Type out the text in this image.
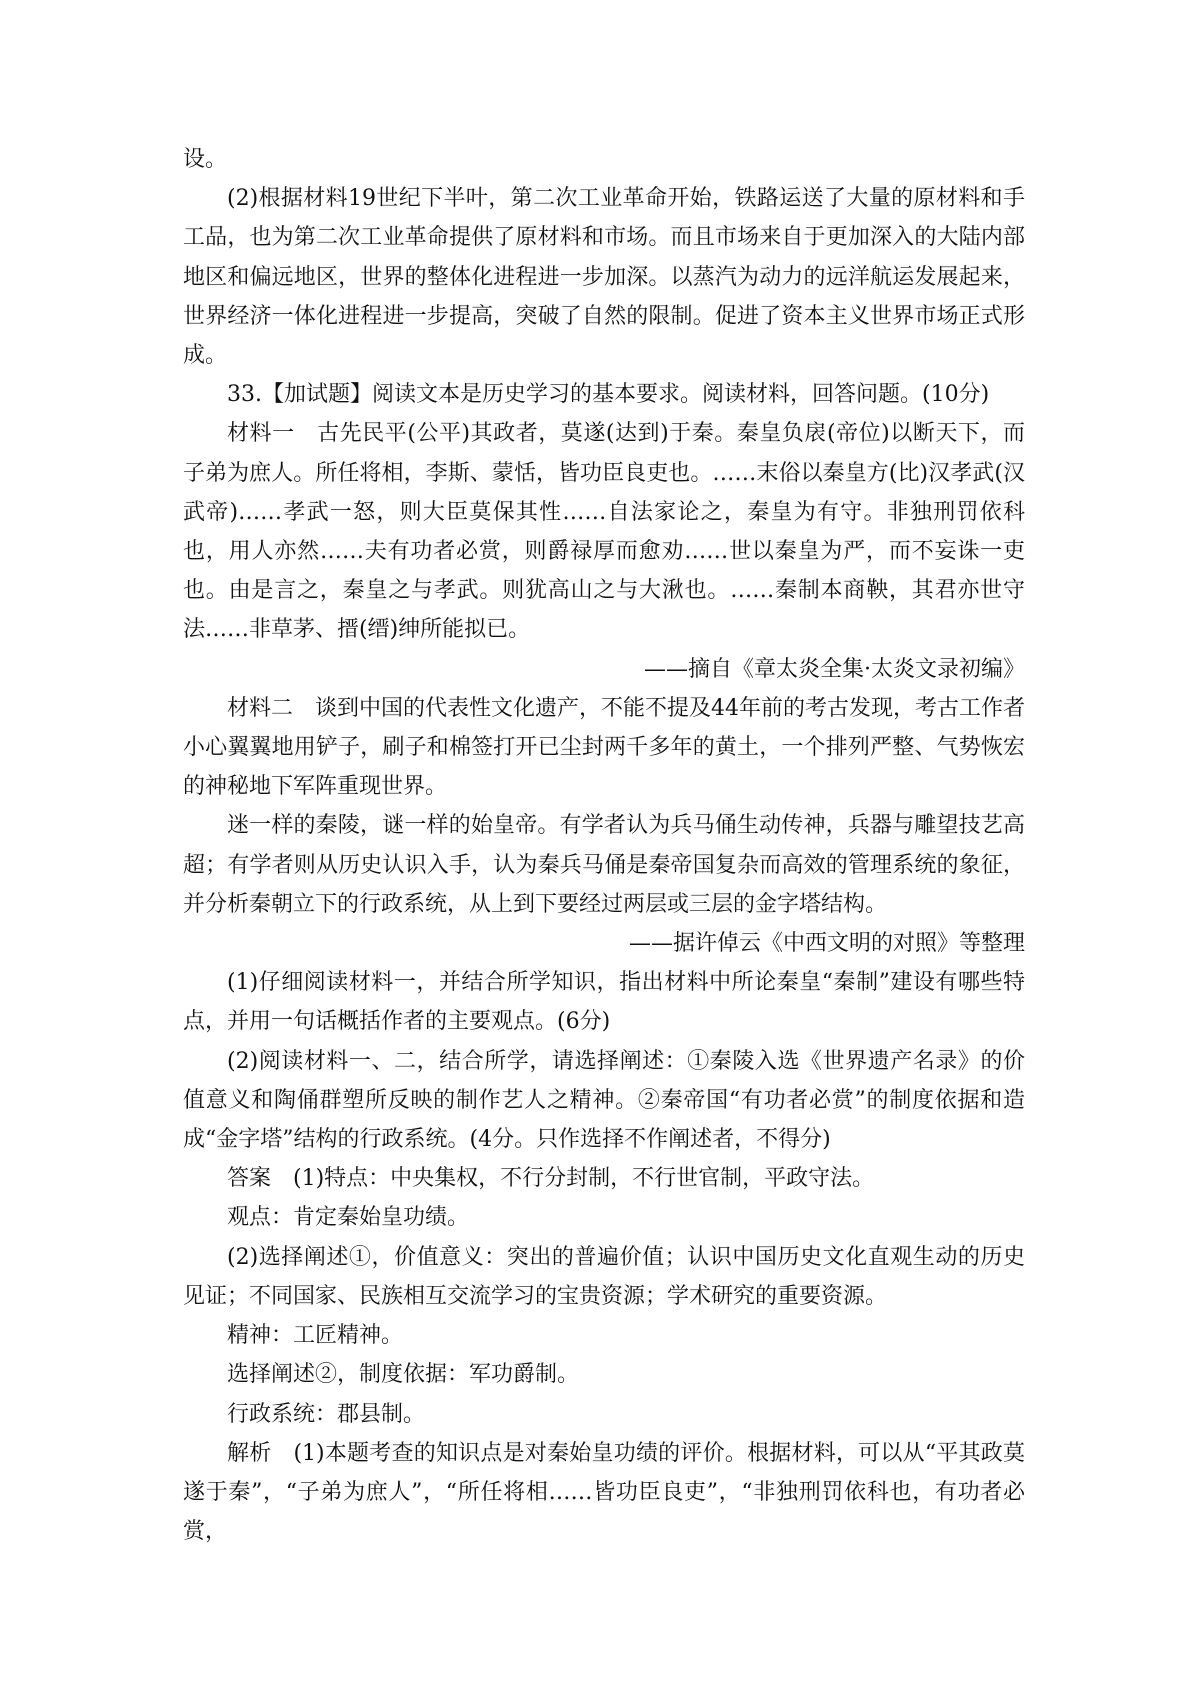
设。

(2)根据材料19世纪下半叶，第二次工业革命开始，铁路运送了大量的原材料和手工品，也为第二次工业革命提供了原材料和市场。而且市场来自于更加深入的大陆内部地区和偏远地区，世界的整体化进程进一步加深。以蒸汽为动力的远洋航运发展起来，世界经济一体化进程进一步提高，突破了自然的限制。促进了资本主义世界市场正式形成。

33.【加试题】阅读文本是历史学习的基本要求。阅读材料，回答问题。(10分)

材料一 古先民平(公平)其政者，莫遂(达到)于秦。秦皇负扆(帝位)以断天下，而子弟为庶人。所任将相，李斯、蒙恬，皆功臣良吏也。……末俗以秦皇方(比)汉孝武(汉武帝)……孝武一怒，则大臣莫保其性……自法家论之，秦皇为有守。非独刑罚依科也，用人亦然……夫有功者必赏，则爵禄厚而愈劝……世以秦皇为严，而不妄诛一吏也。由是言之，秦皇之与孝武。则犹高山之与大湫也。……秦制本商鞅，其君亦世守法……非草茅、搢(缙)绅所能拟已。

——摘自《章太炎全集·太炎文录初编》

材料二 谈到中国的代表性文化遗产，不能不提及44年前的考古发现，考古工作者小心翼翼地用铲子，刷子和棉签打开已尘封两千多年的黄土，一个排列严整、气势恢宏的神秘地下军阵重现世界。

迷一样的秦陵，谜一样的始皇帝。有学者认为兵马俑生动传神，兵器与雕望技艺高超；有学者则从历史认识入手，认为秦兵马俑是秦帝国复杂而高效的管理系统的象征，并分析秦朝立下的行政系统，从上到下要经过两层或三层的金字塔结构。

——据许倬云《中西文明的对照》等整理

(1)仔细阅读材料一，并结合所学知识，指出材料中所论秦皇“秦制”建设有哪些特点，并用一句话概括作者的主要观点。(6分)

(2)阅读材料一、二，结合所学，请选择阐述：①秦陵入选《世界遗产名录》的价值意义和陶俑群塑所反映的制作艺人之精神。②秦帝国“有功者必赏”的制度依据和造成“金字塔”结构的行政系统。(4分。只作选择不作阐述者，不得分)

答案 (1)特点：中央集权，不行分封制，不行世官制，平政守法。

观点：肯定秦始皇功绩。

(2)选择阐述①，价值意义：突出的普遍价值；认识中国历史文化直观生动的历史见证；不同国家、民族相互交流学习的宝贵资源；学术研究的重要资源。

精神：工匠精神。

选择阐述②，制度依据：军功爵制。

行政系统：郡县制。

解析 (1)本题考查的知识点是对秦始皇功绩的评价。根据材料，可以从“平其政莫遂于秦”，“子弟为庶人”，“所任将相……皆功臣良吏”，“非独刑罚依科也，有功者必赏，
